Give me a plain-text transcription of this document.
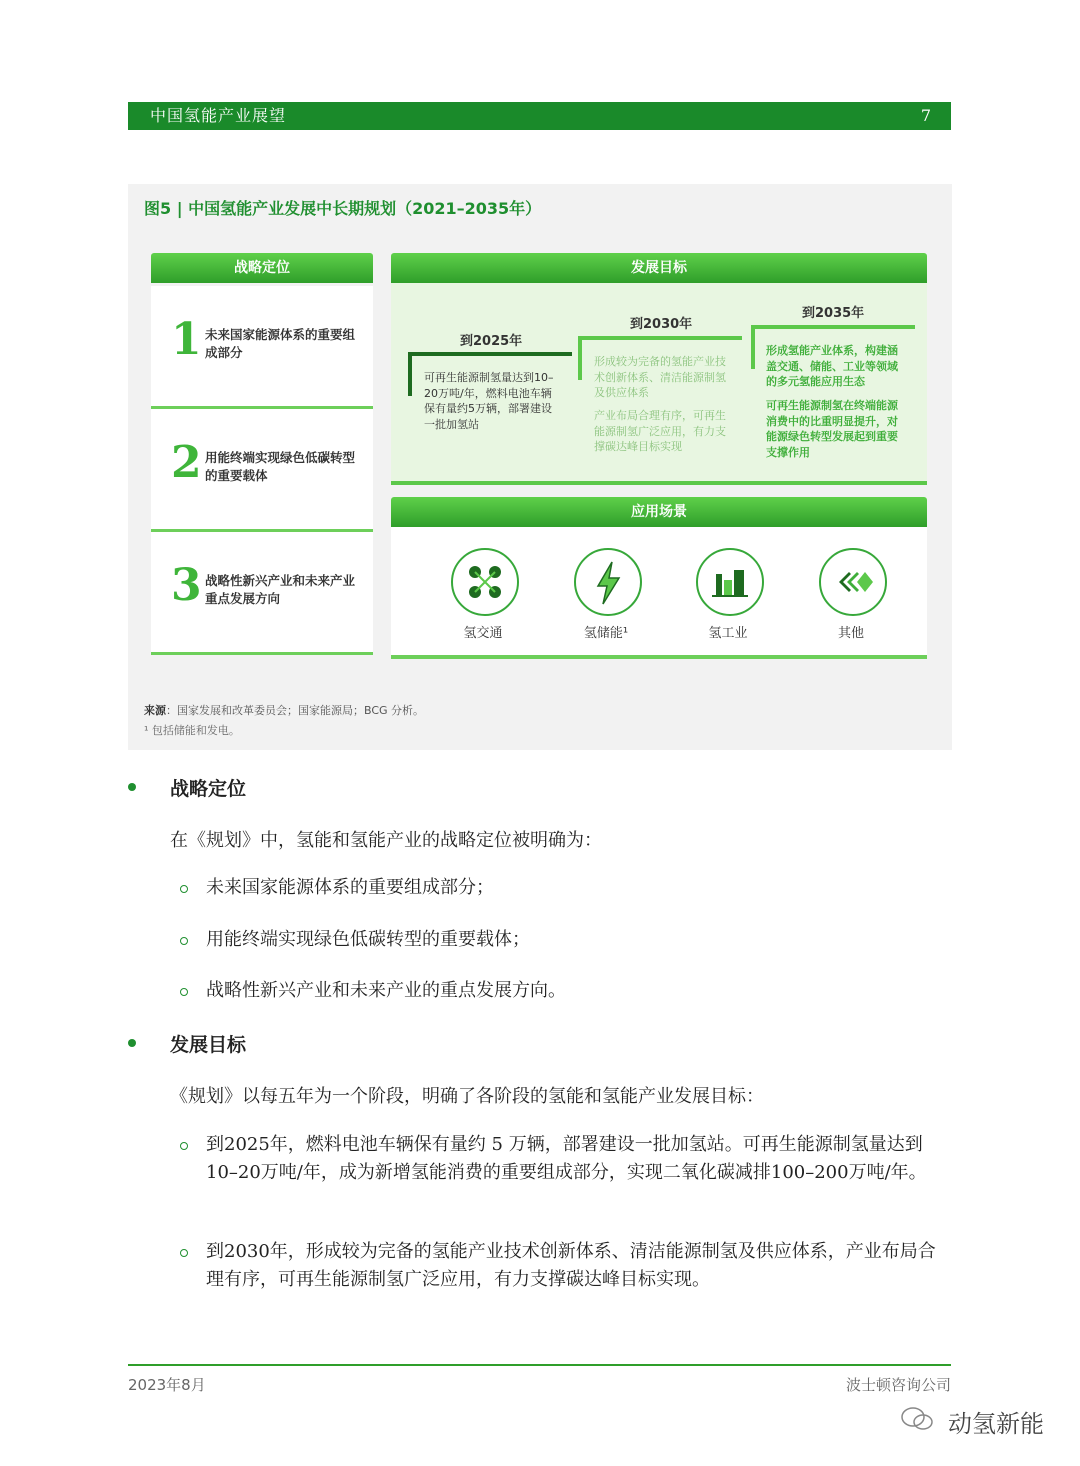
中国氢能产业展望	7
图5 | 中国氢能产业发展中长期规划（2021–2035年）
战略定位
1 未来国家能源体系的重要组成部分
2 用能终端实现绿色低碳转型的重要载体
3 战略性新兴产业和未来产业重点发展方向
发展目标
到2025年
可再生能源制氢量达到10–20万吨/年，燃料电池车辆保有量约5万辆，部署建设一批加氢站
到2030年
形成较为完备的氢能产业技术创新体系、清洁能源制氢及供应体系
产业布局合理有序，可再生能源制氢广泛应用，有力支撑碳达峰目标实现
到2035年
形成氢能产业体系，构建涵盖交通、储能、工业等领域的多元氢能应用生态
可再生能源制氢在终端能源消费中的比重明显提升，对能源绿色转型发展起到重要支撑作用
应用场景
氢交通	氢储能¹	氢工业	其他
来源：国家发展和改革委员会；国家能源局；BCG 分析。
¹ 包括储能和发电。
战略定位
在《规划》中，氢能和氢能产业的战略定位被明确为：
未来国家能源体系的重要组成部分；
用能终端实现绿色低碳转型的重要载体；
战略性新兴产业和未来产业的重点发展方向。
发展目标
《规划》以每五年为一个阶段，明确了各阶段的氢能和氢能产业发展目标：
到2025年，燃料电池车辆保有量约 5 万辆，部署建设一批加氢站。可再生能源制氢量达到10–20万吨/年，成为新增氢能消费的重要组成部分，实现二氧化碳减排100–200万吨/年。
到2030年，形成较为完备的氢能产业技术创新体系、清洁能源制氢及供应体系，产业布局合理有序，可再生能源制氢广泛应用，有力支撑碳达峰目标实现。
2023年8月	波士顿咨询公司
动氢新能
